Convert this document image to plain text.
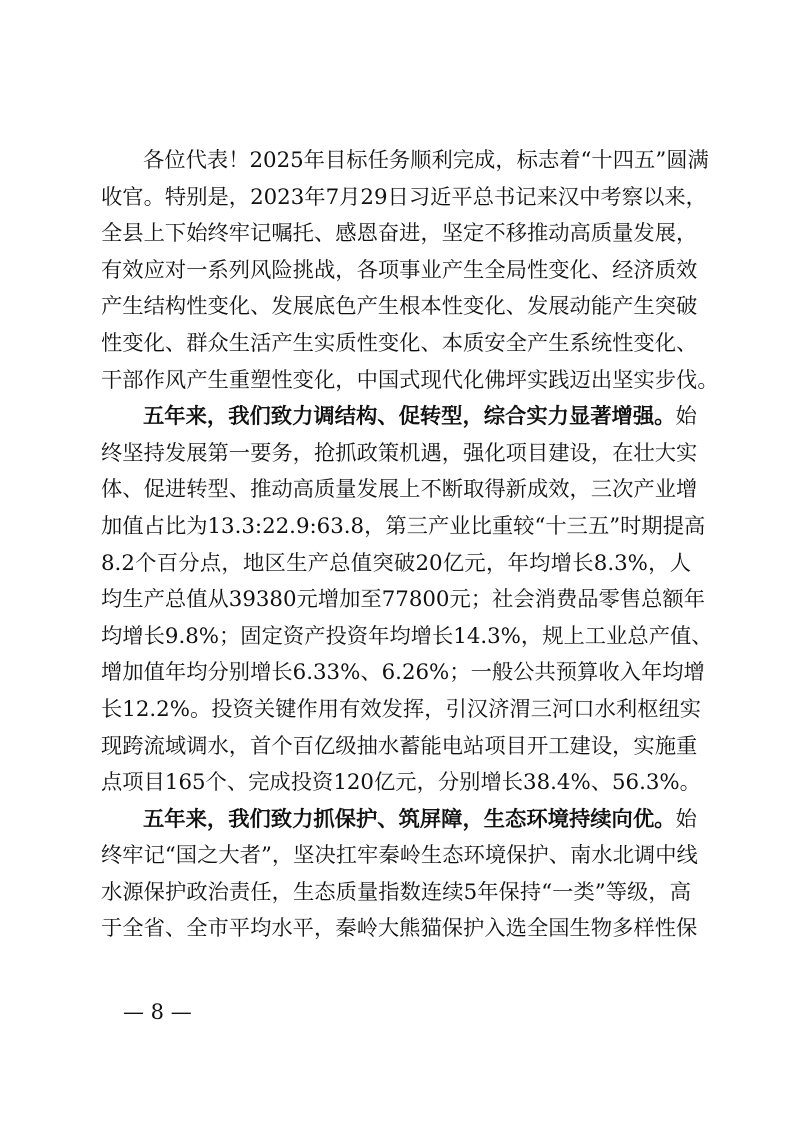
各位代表！2025年目标任务顺利完成，标志着“十四五”圆满
收官。特别是，2023年7月29日习近平总书记来汉中考察以来，
全县上下始终牢记嘱托、感恩奋进，坚定不移推动高质量发展，
有效应对一系列风险挑战，各项事业产生全局性变化、经济质效
产生结构性变化、发展底色产生根本性变化、发展动能产生突破
性变化、群众生活产生实质性变化、本质安全产生系统性变化、
干部作风产生重塑性变化，中国式现代化佛坪实践迈出坚实步伐。
五年来，我们致力调结构、促转型，综合实力显著增强。始
终坚持发展第一要务，抢抓政策机遇，强化项目建设，在壮大实
体、促进转型、推动高质量发展上不断取得新成效，三次产业增
加值占比为13.3:22.9:63.8，第三产业比重较“十三五”时期提高
8.2个百分点，地区生产总值突破20亿元，年均增长8.3%，人
均生产总值从39380元增加至77800元；社会消费品零售总额年
均增长9.8%；固定资产投资年均增长14.3%，规上工业总产值、
增加值年均分别增长6.33%、6.26%；一般公共预算收入年均增
长12.2%。投资关键作用有效发挥，引汉济渭三河口水利枢纽实
现跨流域调水，首个百亿级抽水蓄能电站项目开工建设，实施重
点项目165个、完成投资120亿元，分别增长38.4%、56.3%。
五年来，我们致力抓保护、筑屏障，生态环境持续向优。始
终牢记“国之大者”，坚决扛牢秦岭生态环境保护、南水北调中线
水源保护政治责任，生态质量指数连续5年保持“一类”等级，高
于全省、全市平均水平，秦岭大熊猫保护入选全国生物多样性保
— 8 —
